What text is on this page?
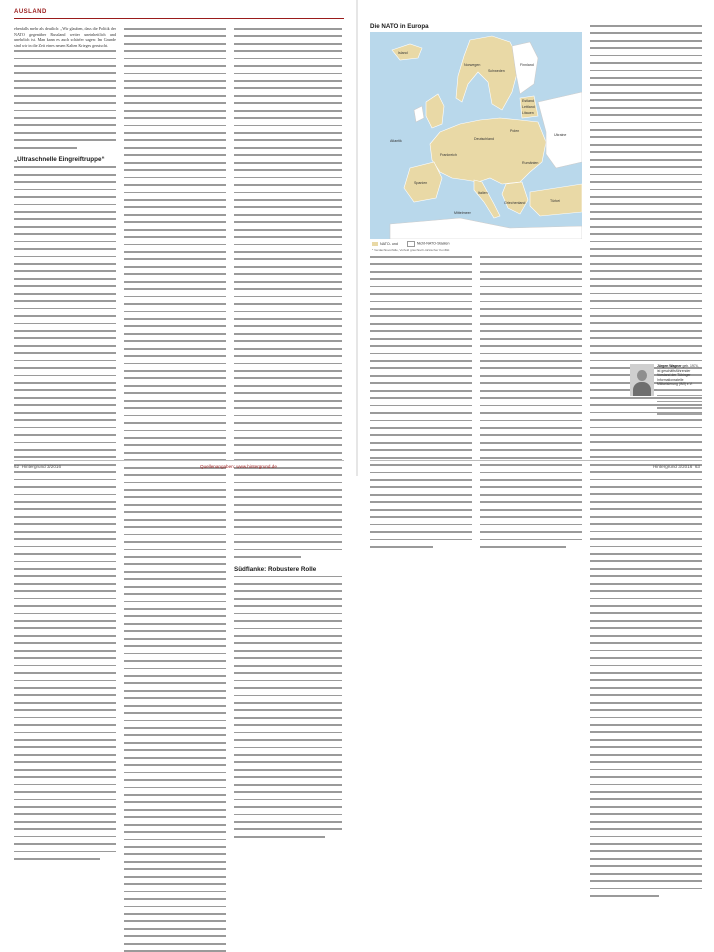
AUSLAND

ebenfalls mehr als deutlich: „Wir glauben, dass die Politik der NATO gegenüber Russland weiter uneinheitlich und unehrlich ist. Man kann es auch schärfer sagen: Im Grunde sind wir in die Zeit eines neuen Kalten Krieges gerutscht.

„Ultraschnelle Eingreiftruppe“
Südflanke: Robustere Rolle
62 Hintergrund 3/2016	Quellenangaben: www.hintergrund.de
Die NATO in Europa
Island
Finnland
Schweden
Norwegen
Estland
Lettland
Litauen
Polen
Deutschland
Frankreich
Spanien
Italien
Rumänien
Türkei
Ukraine
Griechenland
Atlantik
Mittelmeer
NATO- und	Nicht-NATO-Staaten
* Verdachtsvorfälle, Vorfeld griechisch-türkischer Konflikt
Jürgen Wagner geb. 1974, ist geschäftsführender Vorstand der Tübinger Informationsstelle Militarisierung (IMI) e.V.
Hintergrund 3/2016 63
